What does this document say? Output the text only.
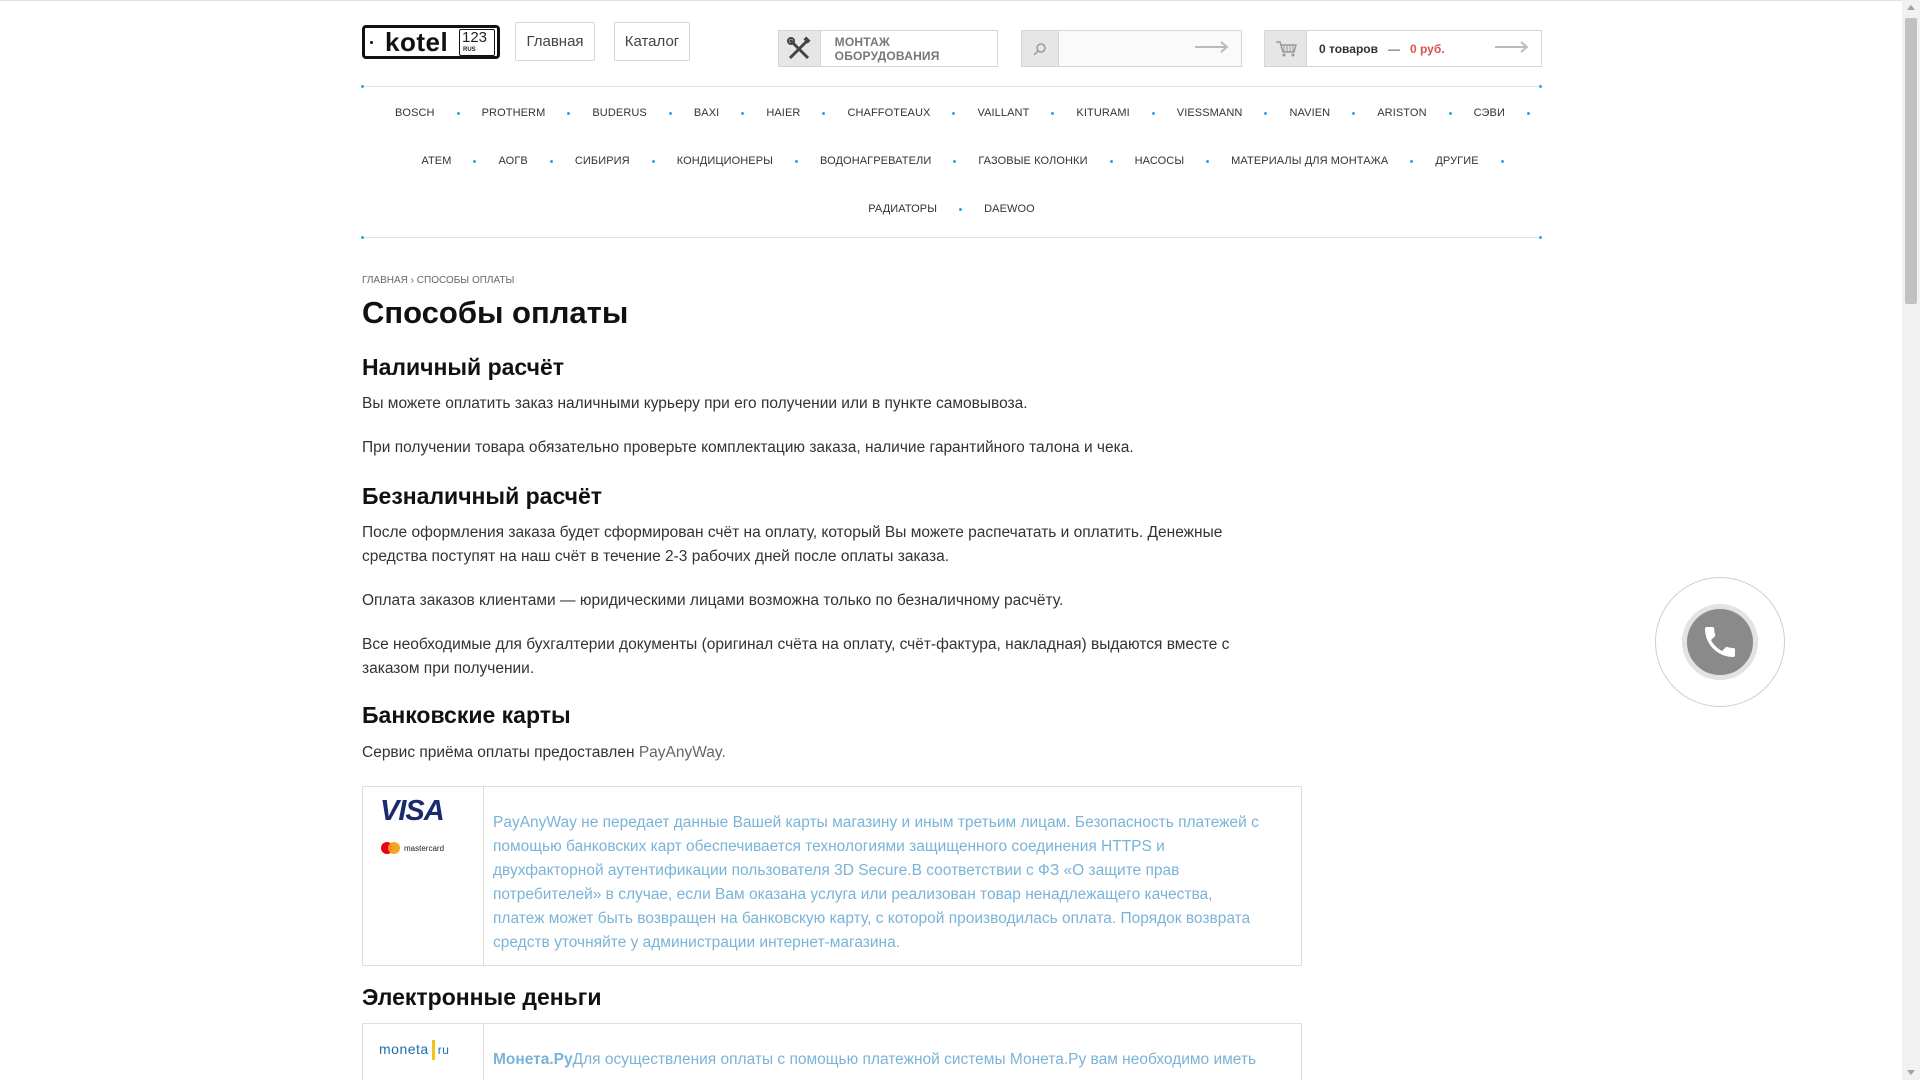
kotel 123
RUS	Главная	Каталог	МОНТАЖ ОБОРУДОВАНИЯ	0 товаров — 0 руб.
BOSCH	PROTHERM	BUDERUS	BAXI	HAIER	CHAFFOTEAUX	VAILLANT	KITURAMI	VIESSMANN	NAVIEN	ARISTON	СЭВИ
ATEM	АОГВ	СИБИРИЯ	КОНДИЦИОНЕРЫ	ВОДОНАГРЕВАТЕЛИ	ГАЗОВЫЕ КОЛОНКИ	НАСОСЫ	МАТЕРИАЛЫ ДЛЯ МОНТАЖА	ДРУГИЕ
РАДИАТОРЫ	DAEWOO
ГЛАВНАЯ › СПОСОБЫ ОПЛАТЫ
Способы оплаты
Наличный расчёт

Вы можете оплатить заказ наличными курьеру при его получении или в пункте самовывоза.

При получении товара обязательно проверьте комплектацию заказа, наличие гарантийного талона и чека.

Безналичный расчёт

После оформления заказа будет сформирован счёт на оплату, который Вы можете распечатать и оплатить. Денежные

средства поступят на наш счёт в течение 2-3 рабочих дней после оплаты заказа.

Оплата заказов клиентами — юридическими лицами возможна только по безналичному расчёту.

Все необходимые для бухгалтерии документы (оригинал счёта на оплату, счёт-фактура, накладная) выдаются вместе с

заказом при получении.

Банковские карты

Сервис приёма оплаты предоставлен PayAnyWay.

VISA
mastercard
PayAnyWay не передает данные Вашей карты магазину и иным третьим лицам. Безопасность платежей с
помощью банковских карт обеспечивается технологиями защищенного соединения HTTPS и
двухфакторной аутентификации пользователя 3D Secure.В соответствии с ФЗ «О защите прав
потребителей» в случае, если Вам оказана услуга или реализован товар ненадлежащего качества,
платеж может быть возвращен на банковскую карту, с которой производилась оплата. Порядок возврата
средств уточняйте у администрации интернет-магазина.
Электронные деньги
moneta ru
Монета.РуДля осуществления оплаты с помощью платежной системы Монета.Ру вам необходимо иметь
